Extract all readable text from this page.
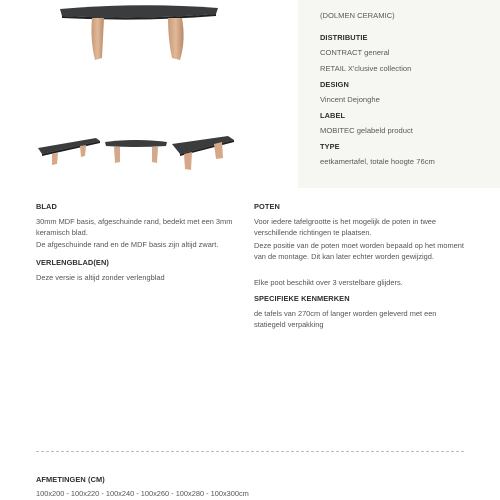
(DOLMEN CERAMIC)
DISTRIBUTIE
CONTRACT general
RETAIL X'clusive collection
DESIGN
Vincent Dejonghe
LABEL
MOBITEC gelabeld product
TYPE
eetkamertafel, totale hoogte 76cm
BLAD
30mm MDF basis, afgeschuinde rand, bedekt met een 3mm keramisch blad.
De afgeschuinde rand en de MDF basis zijn altijd zwart.
VERLENGBLAD(EN)
Deze versie is altijd zonder verlengblad
POTEN
Voor iedere tafelgrootte is het mogelijk de poten in twee verschillende richtingen te plaatsen.
Deze positie van de poten moet worden bepaald op het moment van de montage. Dit kan later echter worden gewijzigd.
Elke poot beschikt over 3 verstelbare glijders.
SPECIFIEKE KENMERKEN
de tafels van 270cm of langer worden geleverd met een statiegeld verpakking
AFMETINGEN (CM)
100x200 - 100x220 - 100x240 - 100x260 - 100x280 - 100x300cm
